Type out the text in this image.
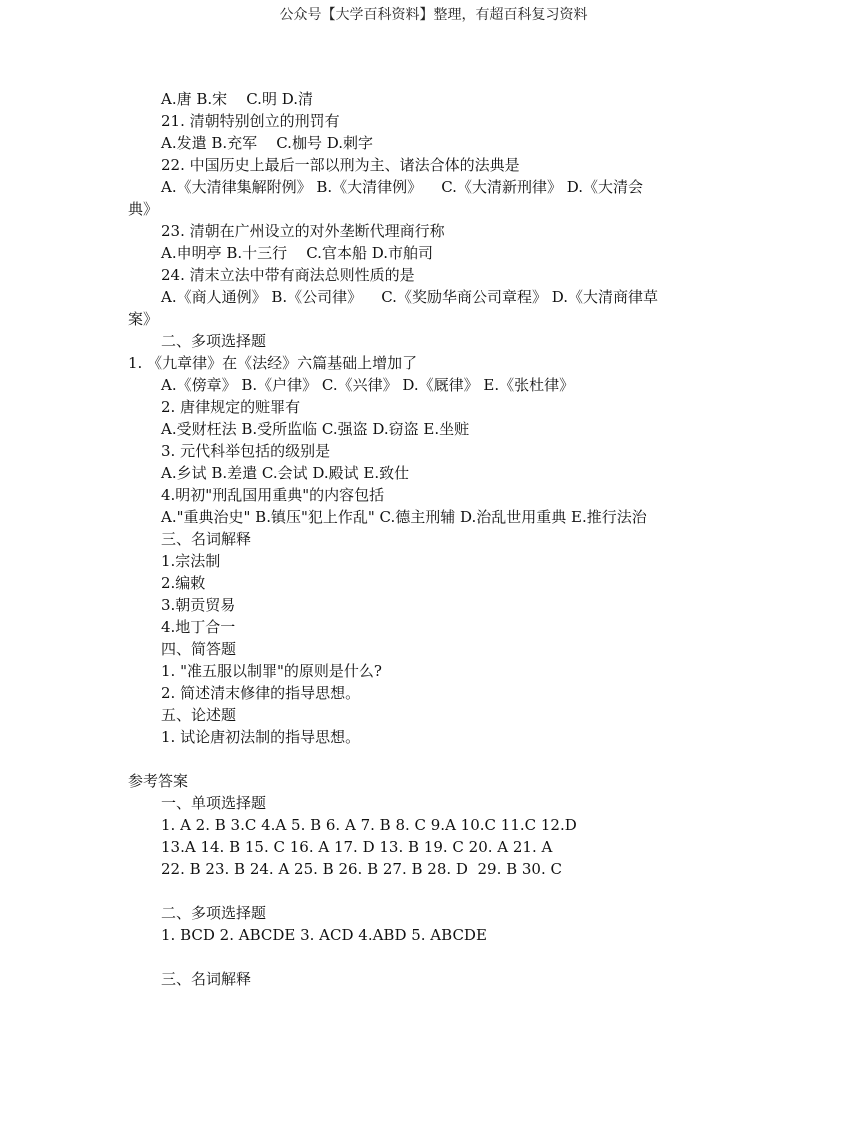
公众号【大学百科资料】整理，有超百科复习资料
A.唐 B.宋    C.明 D.清
21. 清朝特别创立的刑罚有
A.发遣 B.充军    C.枷号 D.刺字
22. 中国历史上最后一部以刑为主、诸法合体的法典是
A.《大清律集解附例》 B.《大清律例》    C.《大清新刑律》 D.《大清会
典》
23. 清朝在广州设立的对外垄断代理商行称
A.申明亭 B.十三行    C.官本船 D.市舶司
24. 清末立法中带有商法总则性质的是
A.《商人通例》 B.《公司律》    C.《奖励华商公司章程》 D.《大清商律草
案》
二、多项选择题
1. 《九章律》在《法经》六篇基础上增加了
A.《傍章》 B.《户律》 C.《兴律》 D.《厩律》 E.《张杜律》
2. 唐律规定的赃罪有
A.受财枉法 B.受所监临 C.强盗 D.窃盗 E.坐赃
3. 元代科举包括的级别是
A.乡试 B.差遣 C.会试 D.殿试 E.致仕
4.明初"刑乱国用重典"的内容包括
A."重典治史" B.镇压"犯上作乱" C.德主刑辅 D.治乱世用重典 E.推行法治
三、名词解释
1.宗法制
2.编敕
3.朝贡贸易
4.地丁合一
四、简答题
1. "准五服以制罪"的原则是什么?
2. 简述清末修律的指导思想。
五、论述题
1. 试论唐初法制的指导思想。
参考答案
一、单项选择题
1. A 2. B 3.C 4.A 5. B 6. A 7. B 8. C 9.A 10.C 11.C 12.D
13.A 14. B 15. C 16. A 17. D 13. B 19. C 20. A 21. A
22. B 23. B 24. A 25. B 26. B 27. B 28. D  29. B 30. C
二、多项选择题
1. BCD 2. ABCDE 3. ACD 4.ABD 5. ABCDE
三、名词解释
